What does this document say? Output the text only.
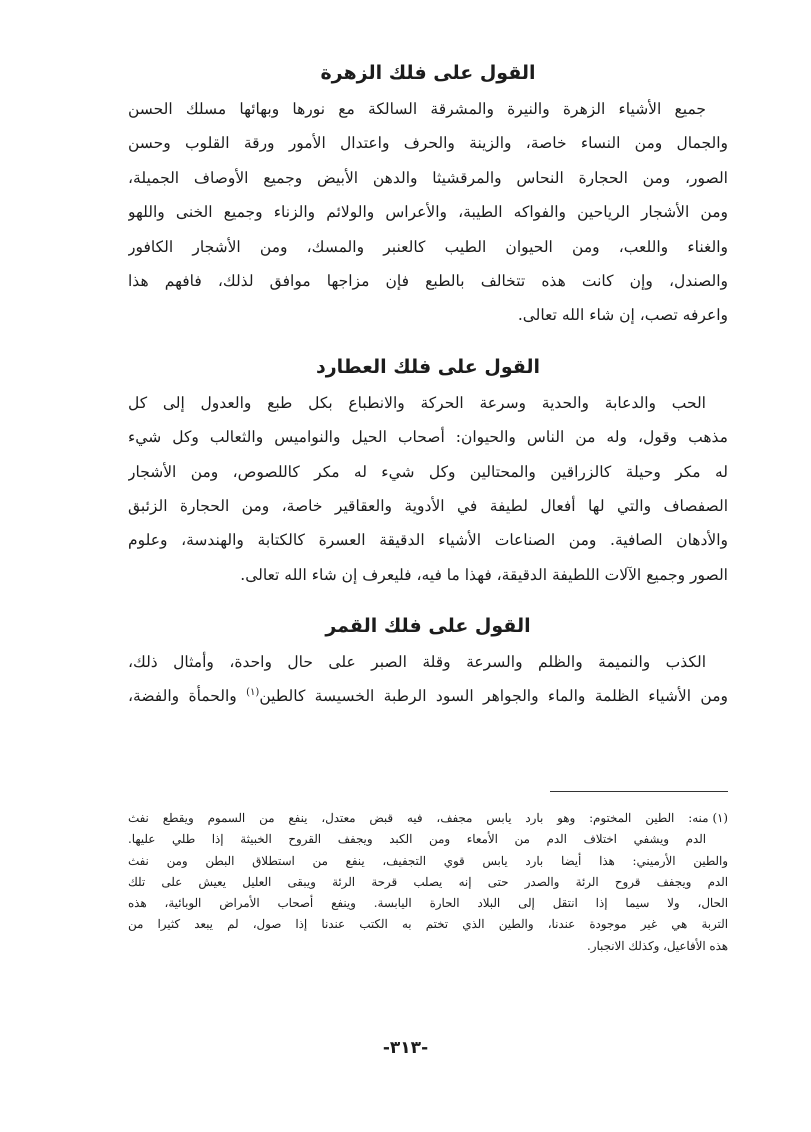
القول على فلك الزهرة
جميع الأشياء الزهرة والنيرة والمشرقة السالكة مع نورها وبهائها مسلك الحسن
والجمال ومن النساء خاصة، والزينة والحرف واعتدال الأمور ورقة القلوب وحسن
الصور، ومن الحجارة النحاس والمرقشيثا والدهن الأبيض وجميع الأوصاف الجميلة،
ومن الأشجار الرياحين والفواكه الطيبة، والأعراس والولائم والزناء وجميع الخنى واللهو
والغناء واللعب، ومن الحيوان الطيب كالعنبر والمسك، ومن الأشجار الكافور
والصندل، وإن كانت هذه تتخالف بالطبع فإن مزاجها موافق لذلك، فافهم هذا
واعرفه تصب، إن شاء الله تعالى.
القول على فلك العطارد
الحب والدعابة والحدية وسرعة الحركة والانطباع بكل طبع والعدول إلى كل
مذهب وقول، وله من الناس والحيوان: أصحاب الحيل والنواميس والثعالب وكل شيء
له مكر وحيلة كالزراقين والمحتالين وكل شيء له مكر كاللصوص، ومن الأشجار
الصفصاف والتي لها أفعال لطيفة في الأدوية والعقاقير خاصة، ومن الحجارة الزئبق
والأدهان الصافية. ومن الصناعات الأشياء الدقيقة العسرة كالكتابة والهندسة، وعلوم
الصور وجميع الآلات اللطيفة الدقيقة، فهذا ما فيه، فليعرف إن شاء الله تعالى.
القول على فلك القمر
الكذب والنميمة والظلم والسرعة وقلة الصبر على حال واحدة، وأمثال ذلك،
ومن الأشياء الظلمة والماء والجواهر السود الرطبة الخسيسة كالطين$^{(١)}$ والحمأة والفضة،
(١)منه: الطين المختوم: وهو بارد يابس مجفف، فيه قبض معتدل، ينفع من السموم ويقطع نفث
الدم ويشفي اختلاف الدم من الأمعاء ومن الكبد ويجفف القروح الخبيثة إذا طلي عليها.
والطين الأرميني: هذا أيضا بارد يابس قوي التجفيف، ينفع من استطلاق البطن ومن نفث
الدم ويجفف قروح الرئة والصدر حتى إنه يصلب قرحة الرئة ويبقى العليل يعيش على تلك
الحال، ولا سيما إذا انتقل إلى البلاد الحارة اليابسة. وينفع أصحاب الأمراض الوبائية، هذه
التربة هي غير موجودة عندنا، والطين الذي تختم به الكتب عندنا إذا صول، لم يبعد كثيرا من
هذه الأفاعيل، وكذلك الانجبار.
-٣١٣-
